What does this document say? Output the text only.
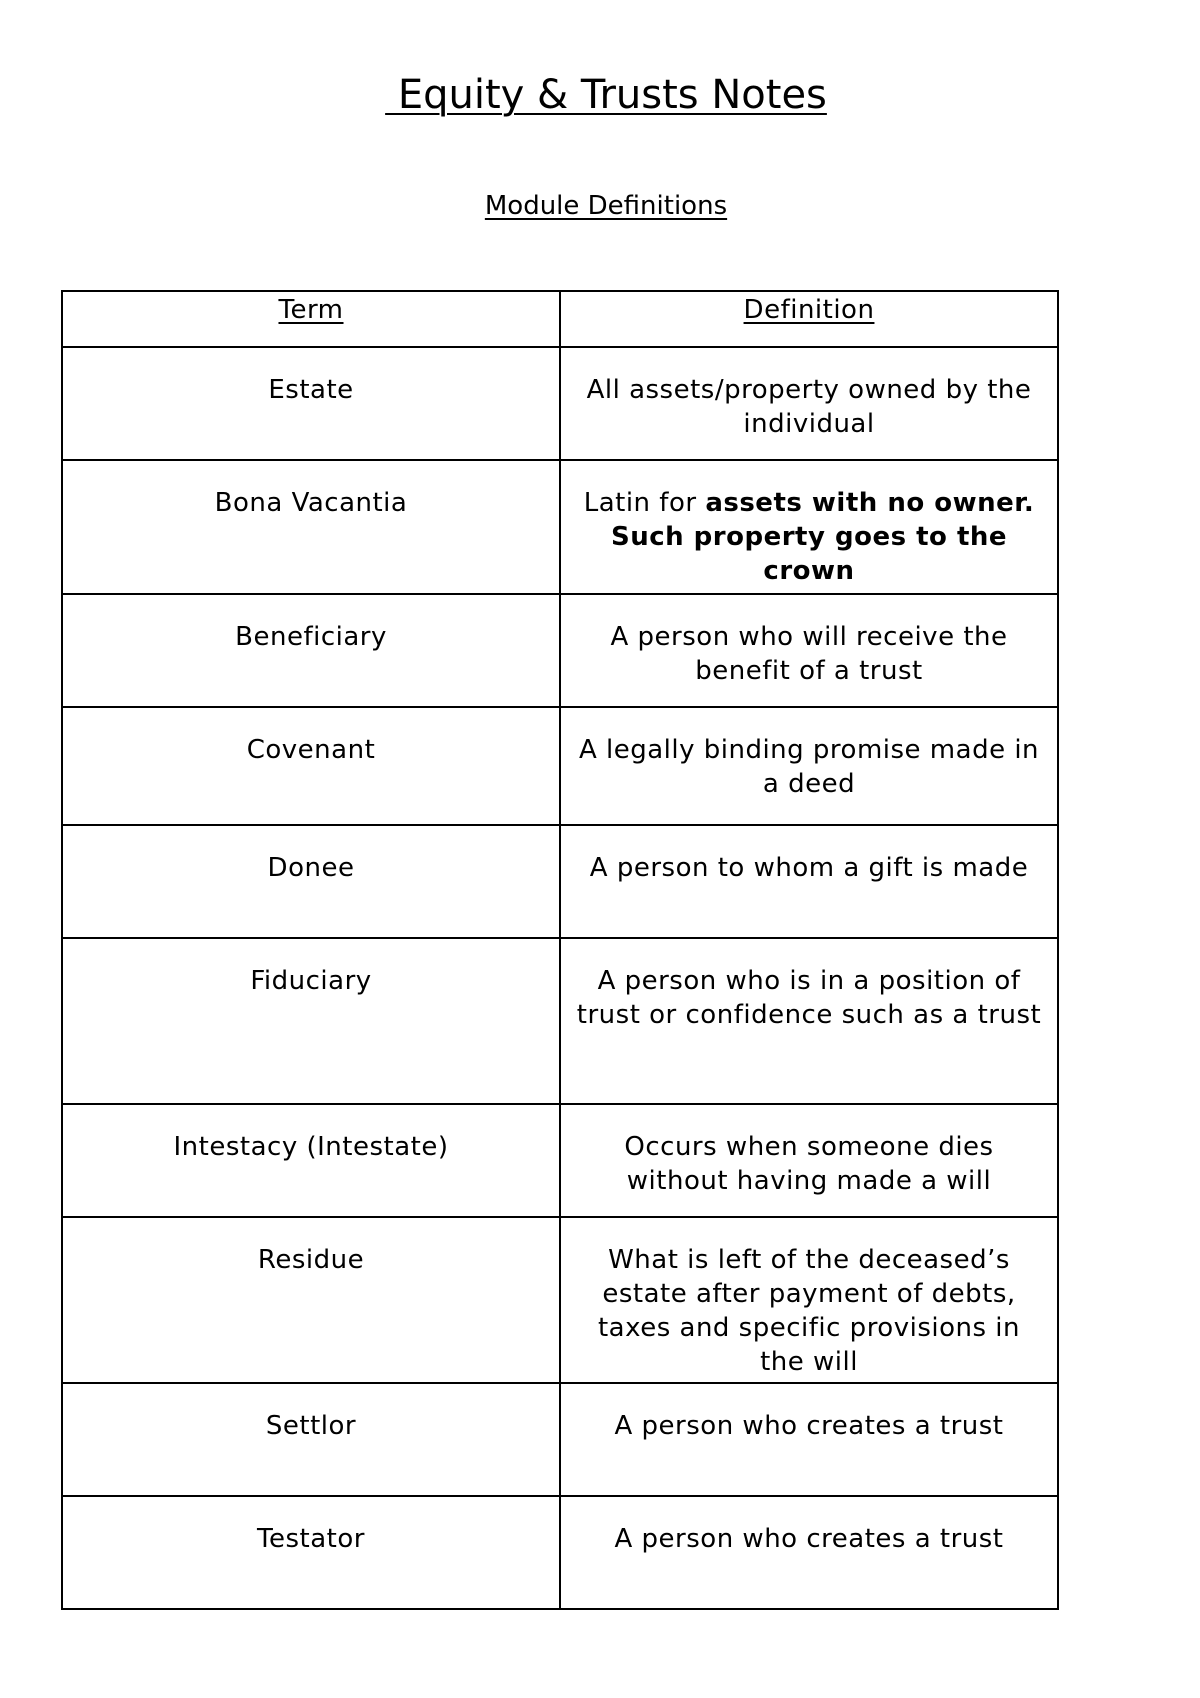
Equity & Trusts Notes
Module Definitions
Term	Definition
Estate	All assets/property owned by the individual
Bona Vacantia	Latin for assets with no owner. Such property goes to the crown
Beneficiary	A person who will receive the benefit of a trust
Covenant	A legally binding promise made in a deed
Donee	A person to whom a gift is made
Fiduciary	A person who is in a position of trust or confidence such as a trust
Intestacy (Intestate)	Occurs when someone dies without having made a will
Residue	What is left of the deceased’s estate after payment of debts, taxes and specific provisions in the will
Settlor	A person who creates a trust
Testator	A person who creates a trust
